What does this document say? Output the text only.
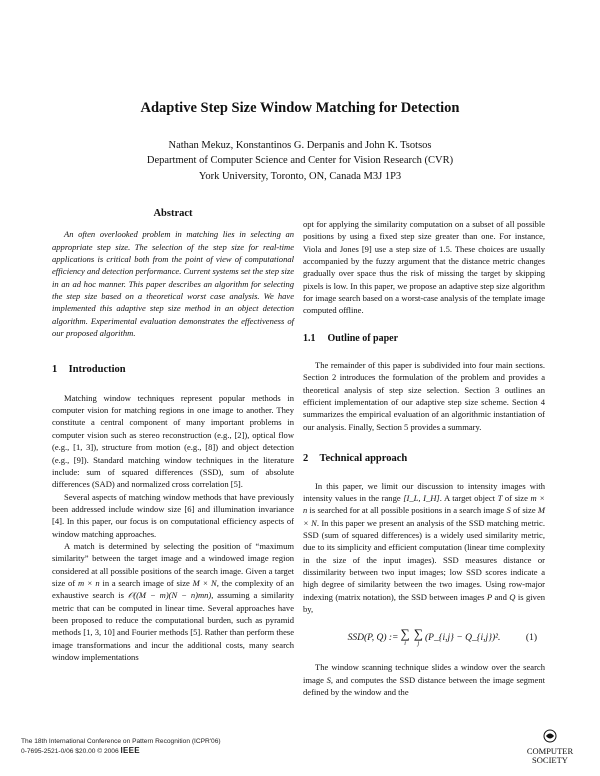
Adaptive Step Size Window Matching for Detection
Nathan Mekuz, Konstantinos G. Derpanis and John K. Tsotsos
Department of Computer Science and Center for Vision Research (CVR)
York University, Toronto, ON, Canada M3J 1P3
Abstract

An often overlooked problem in matching lies in selecting an appropriate step size. The selection of the step size for real-time applications is critical both from the point of view of computational efficiency and detection performance. Current systems set the step size in an ad hoc manner. This paper describes an algorithm for selecting the step size based on a theoretical worst case analysis. We have implemented this adaptive step size method in an object detection algorithm. Experimental evaluation demonstrates the effectiveness of our proposed algorithm.

1 Introduction

Matching window techniques represent popular methods in computer vision for matching regions in one image to another. They constitute a central component of many important problems in computer vision such as stereo reconstruction (e.g., [2]), optical flow (e.g., [1, 3]), structure from motion (e.g., [8]) and object detection (e.g., [9]). Standard matching window techniques in the literature include: sum of squared differences (SSD), sum of absolute differences (SAD) and normalized cross correlation [5].

Several aspects of matching window methods that have previously been addressed include window size [6] and illumination invariance [4]. In this paper, our focus is on computational efficiency aspects of window matching approaches.

A match is determined by selecting the position of “maximum similarity” between the target image and a windowed image region considered at all possible positions of the search image. Given a target size of m × n in a search image of size M × N, the complexity of an exhaustive search is 𝒪((M − m)(N − n)mn), assuming a similarity metric that can be computed in linear time. Several approaches have been proposed to reduce the computational burden, such as pyramid methods [1, 3, 10] and Fourier methods [5]. Rather than perform these image transformations and incur the additional costs, many search window implementations

opt for applying the similarity computation on a subset of all possible positions by using a fixed step size greater than one. For instance, Viola and Jones [9] use a step size of 1.5. These choices are usually accompanied by the fuzzy argument that the distance metric changes gradually over space thus the risk of missing the target by skipping pixels is low. In this paper, we propose an adaptive step size algorithm for image search based on a worst-case analysis of the template image computed offline.

1.1 Outline of paper

The remainder of this paper is subdivided into four main sections. Section 2 introduces the formulation of the problem and provides a theoretical analysis of step size selection. Section 3 outlines an efficient implementation of our adaptive step size scheme. Section 4 summarizes the empirical evaluation of an algorithmic instantiation of our analysis. Finally, Section 5 provides a summary.

2 Technical approach

In this paper, we limit our discussion to intensity images with intensity values in the range [I_L, I_H]. A target object T of size m × n is searched for at all possible positions in a search image S of size M × N. In this paper we present an analysis of the SSD matching metric. SSD (sum of squared differences) is a widely used similarity metric, due to its simplicity and efficient computation (linear time complexity in the size of the input images). SSD measures distance or dissimilarity between two input images; low SSD scores indicate a high degree of similarity between the two images. Using row-major indexing (matrix notation), the SSD between images P and Q is given by,

SSD(P, Q) := ∑
i
∑
j
(P_{i,j} − Q_{i,j})².	(1)

The window scanning technique slides a window over the search image S, and computes the SSD distance between the image segment defined by the window and the

The 18th International Conference on Pattern Recognition (ICPR'06)
0-7695-2521-0/06 $20.00 © 2006 IEEE	COMPUTER SOCIETY
